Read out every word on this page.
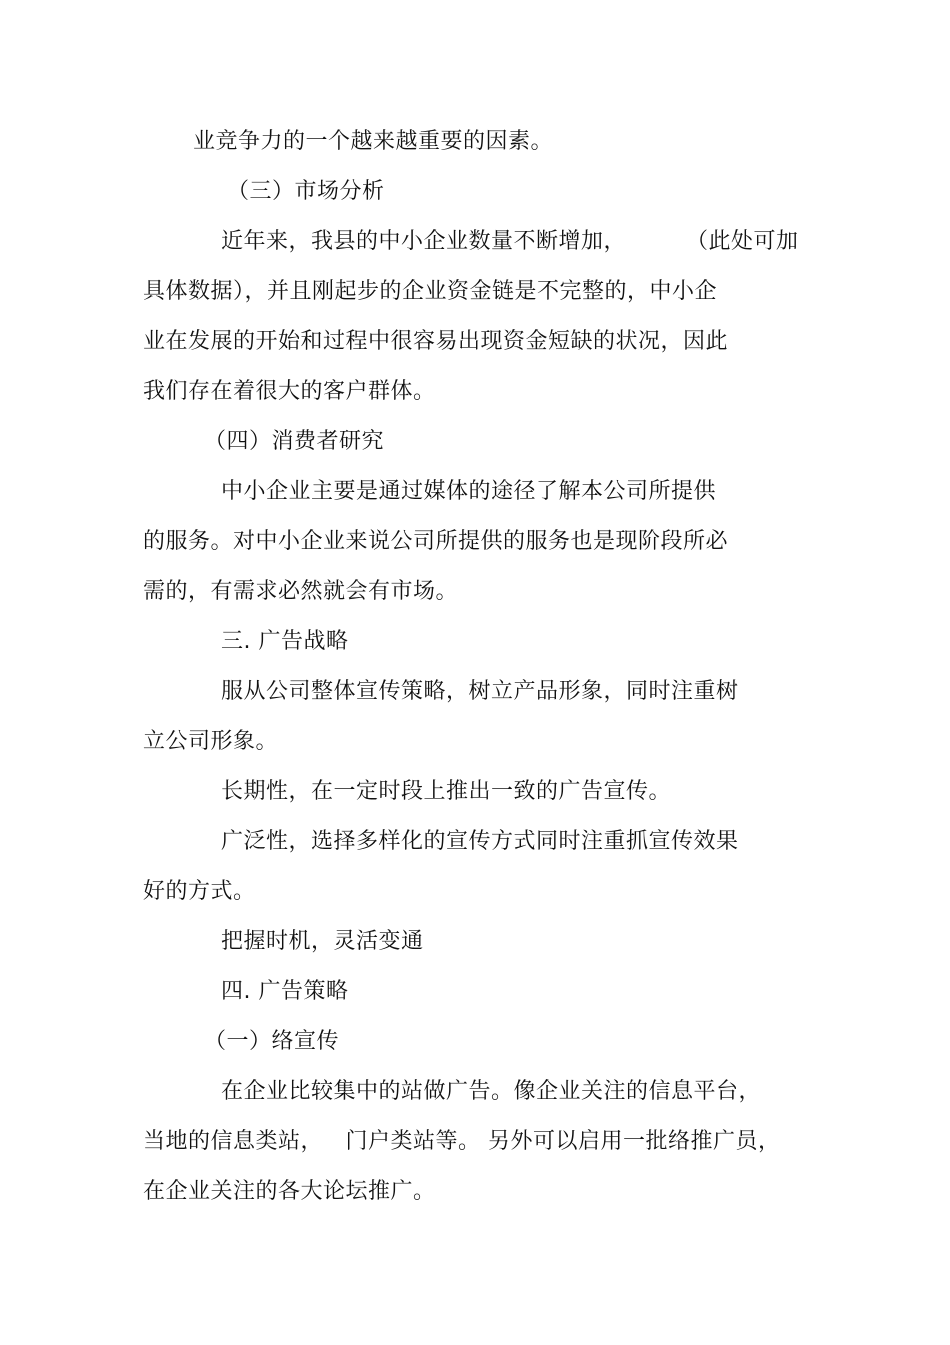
业竞争力的一个越来越重要的因素。
（三）市场分析
近年来，我县的中小企业数量不断增加，        （此处可加
具体数据），并且刚起步的企业资金链是不完整的，中小企
业在发展的开始和过程中很容易出现资金短缺的状况，因此
我们存在着很大的客户群体。
（四）消费者研究
中小企业主要是通过媒体的途径了解本公司所提供
的服务。对中小企业来说公司所提供的服务也是现阶段所必
需的，有需求必然就会有市场。
三. 广告战略
服从公司整体宣传策略，树立产品形象，同时注重树
立公司形象。
长期性，在一定时段上推出一致的广告宣传。
广泛性，选择多样化的宣传方式同时注重抓宣传效果
好的方式。
把握时机，灵活变通
四. 广告策略
（一）络宣传
在企业比较集中的站做广告。像企业关注的信息平台，
当地的信息类站，   门户类站等。 另外可以启用一批络推广员，
在企业关注的各大论坛推广。
